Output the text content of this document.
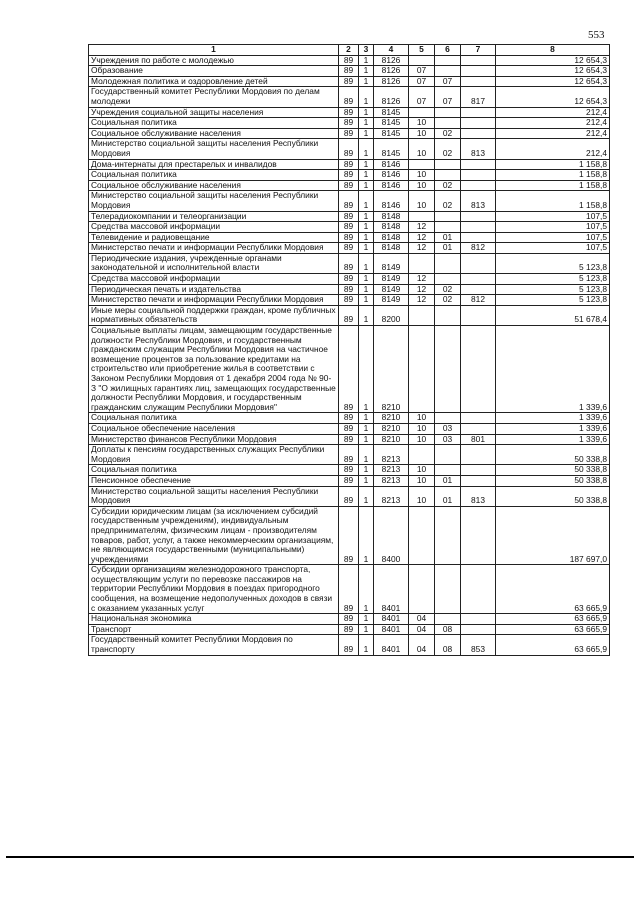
553
1	2	3	4	5	6	7	8
Учреждения по работе с молодежью	89	1	8126				12 654,3
Образование	89	1	8126	07			12 654,3
Молодежная политика и оздоровление детей	89	1	8126	07	07		12 654,3
Государственный комитет Республики Мордовия по делам молодежи	89	1	8126	07	07	817	12 654,3
Учреждения социальной защиты населения	89	1	8145				212,4
Социальная политика	89	1	8145	10			212,4
Социальное обслуживание населения	89	1	8145	10	02		212,4
Министерство социальной защиты населения Республики Мордовия	89	1	8145	10	02	813	212,4
Дома-интернаты для престарелых и инвалидов	89	1	8146				1 158,8
Социальная политика	89	1	8146	10			1 158,8
Социальное обслуживание населения	89	1	8146	10	02		1 158,8
Министерство социальной защиты населения Республики Мордовия	89	1	8146	10	02	813	1 158,8
Телерадиокомпании и телеорганизации	89	1	8148				107,5
Средства массовой информации	89	1	8148	12			107,5
Телевидение и радиовещание	89	1	8148	12	01		107,5
Министерство печати и информации Республики Мордовия	89	1	8148	12	01	812	107,5
Периодические издания, учрежденные органами законодательной и исполнительной власти	89	1	8149				5 123,8
Средства массовой информации	89	1	8149	12			5 123,8
Периодическая печать и издательства	89	1	8149	12	02		5 123,8
Министерство печати и информации Республики Мордовия	89	1	8149	12	02	812	5 123,8
Иные меры социальной поддержки граждан, кроме публичных нормативных обязательств	89	1	8200				51 678,4
Социальные выплаты лицам, замещающим государственные должности Республики Мордовия, и государственным гражданским служащим Республики Мордовия на частичное возмещение процентов за пользование кредитами на строительство или приобретение жилья в соответствии с Законом Республики Мордовия от 1 декабря 2004 года № 90-З "О жилищных гарантиях лиц, замещающих государственные должности Республики Мордовия, и государственным гражданским служащим Республики Мордовия"	89	1	8210				1 339,6
Социальная политика	89	1	8210	10			1 339,6
Социальное обеспечение населения	89	1	8210	10	03		1 339,6
Министерство финансов Республики Мордовия	89	1	8210	10	03	801	1 339,6
Доплаты к пенсиям государственных служащих Республики Мордовия	89	1	8213				50 338,8
Социальная политика	89	1	8213	10			50 338,8
Пенсионное обеспечение	89	1	8213	10	01		50 338,8
Министерство социальной защиты населения Республики Мордовия	89	1	8213	10	01	813	50 338,8
Субсидии юридическим лицам (за исключением субсидий государственным учреждениям), индивидуальным предпринимателям, физическим лицам - производителям товаров, работ, услуг, а также некоммерческим организациям, не являющимся государственными (муниципальными) учреждениями	89	1	8400				187 697,0
Субсидии организациям железнодорожного транспорта, осуществляющим услуги по перевозке пассажиров на территории Республики Мордовия в поездах пригородного сообщения, на возмещение недополученных доходов в связи с оказанием указанных услуг	89	1	8401				63 665,9
Национальная экономика	89	1	8401	04			63 665,9
Транспорт	89	1	8401	04	08		63 665,9
Государственный комитет Республики Мордовия по транспорту	89	1	8401	04	08	853	63 665,9
